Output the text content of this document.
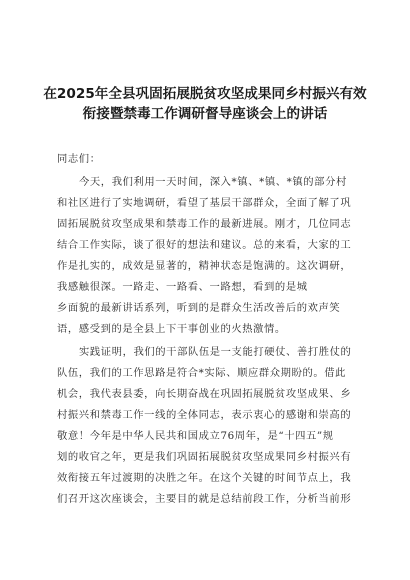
在2025年全县巩固拓展脱贫攻坚成果同乡村振兴有效
衔接暨禁毒工作调研督导座谈会上的讲话
同志们：
今天，我们利用一天时间，深入*镇、*镇、*镇的部分村
和社区进行了实地调研，看望了基层干部群众，全面了解了巩
固拓展脱贫攻坚成果和禁毒工作的最新进展。刚才，几位同志
结合工作实际，谈了很好的想法和建议。总的来看，大家的工
作是扎实的，成效是显著的，精神状态是饱满的。这次调研，
我感触很深。一路走、一路看、一路想，看到的是城
乡面貌的最新讲话系列，听到的是群众生活改善后的欢声笑
语，感受到的是全县上下干事创业的火热激情。
实践证明，我们的干部队伍是一支能打硬仗、善打胜仗的
队伍，我们的工作思路是符合*实际、顺应群众期盼的。借此
机会，我代表县委，向长期奋战在巩固拓展脱贫攻坚成果、乡
村振兴和禁毒工作一线的全体同志，表示衷心的感谢和崇高的
敬意！今年是中华人民共和国成立76周年，是“十四五”规
划的收官之年，更是我们巩固拓展脱贫攻坚成果同乡村振兴有
效衔接五年过渡期的决胜之年。在这个关键的时间节点上，我
们召开这次座谈会，主要目的就是总结前段工作，分析当前形
